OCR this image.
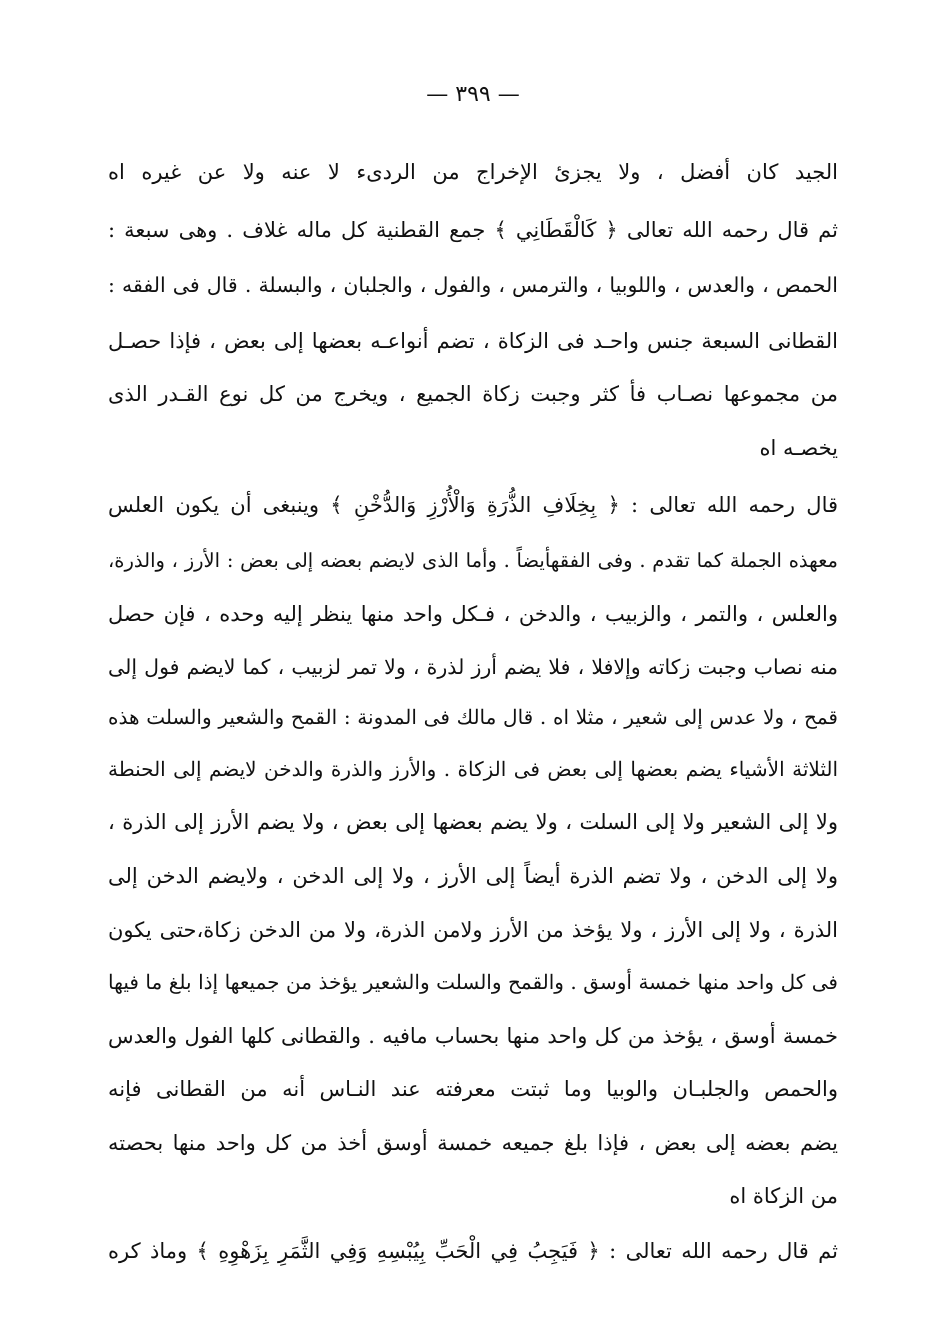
— ٣٩٩ —
الجيد كان أفضل ، ولا يجزئ الإخراج من الردىء لا عنه ولا عن غيره اه
ثم قال رحمه الله تعالى ﴿ كَالْقَطَانِي ﴾ جمع القطنية كل ماله غلاف . وهى سبعة :
الحمص ، والعدس ، واللوبيا ، والترمس ، والفول ، والجلبان ، والبسلة . قال فى الفقه :
القطانى السبعة جنس واحـد فى الزكاة ، تضم أنواعـه بعضها إلى بعض ، فإذا حصـل
من مجموعها نصـاب فأ كثر وجبت زكاة الجميع ، ويخرج من كل نوع القـدر الذى
يخصـه اه
قال رحمه الله تعالى : ﴿ بِخِلَافِ الذُّرَةِ وَالْأُرْزِ وَالدُّخْنِ ﴾ وينبغى أن يكون العلس
معهذه الجملة كما تقدم . وفى الفقهأيضاً . وأما الذى لايضم بعضه إلى بعض : الأرز ، والذرة،
والعلس ، والتمر ، والزبيب ، والدخن ، فـكل واحد منها ينظر إليه وحده ، فإن حصل
منه نصاب وجبت زكاته وإلافلا ، فلا يضم أرز لذرة ، ولا تمر لزبيب ، كما لايضم فول إلى
قمح ، ولا عدس إلى شعير ، مثلا اه . قال مالك فى المدونة : القمح والشعير والسلت هذه
الثلاثة الأشياء يضم بعضها إلى بعض فى الزكاة . والأرز والذرة والدخن لايضم إلى الحنطة
ولا إلى الشعير ولا إلى السلت ، ولا يضم بعضها إلى بعض ، ولا يضم الأرز إلى الذرة ،
ولا إلى الدخن ، ولا تضم الذرة أيضاً إلى الأرز ، ولا إلى الدخن ، ولايضم الدخن إلى
الذرة ، ولا إلى الأرز ، ولا يؤخذ من الأرز ولامن الذرة، ولا من الدخن زكاة،حتى يكون
فى كل واحد منها خمسة أوسق . والقمح والسلت والشعير يؤخذ من جميعها إذا بلغ ما فيها
خمسة أوسق ، يؤخذ من كل واحد منها بحساب مافيه . والقطانى كلها الفول والعدس
والحمص والجلبـان والوبيا وما ثبتت معرفته عند النـاس أنه من القطانى فإنه
يضم بعضه إلى بعض ، فإذا بلغ جميعه خمسة أوسق أخذ من كل واحد منها بحصته
من الزكاة اه
ثم قال رحمه الله تعالى : ﴿ فَيَجِبُ فِي الْحَبِّ بِيُبْسِهِ وَفِي الثَّمَرِ بِزَهْوِهِ ﴾ وماذ كره
